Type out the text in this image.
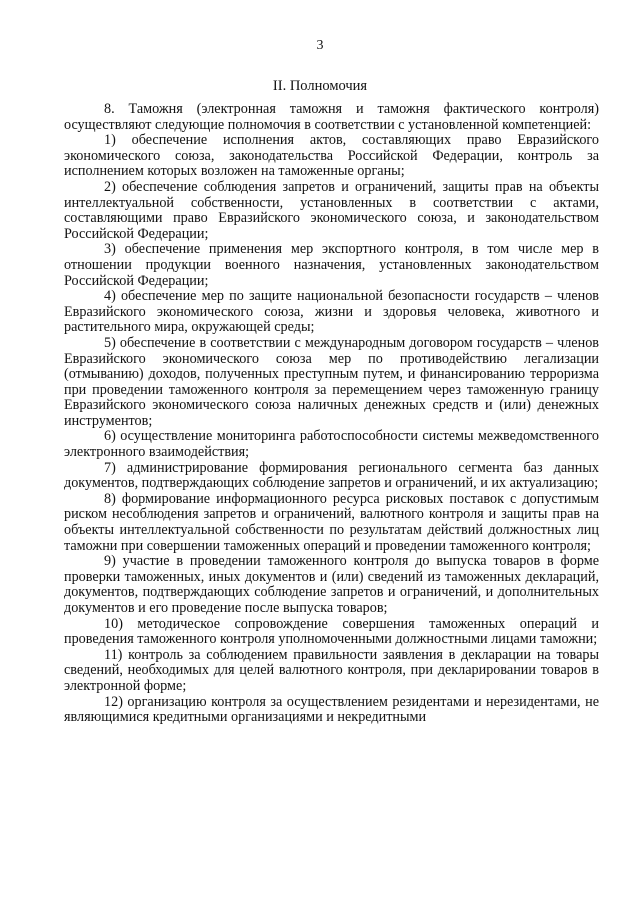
3
II. Полномочия

8. Таможня (электронная таможня и таможня фактического контроля) осуществляют следующие полномочия в соответствии с установленной компетенцией:

1) обеспечение исполнения актов, составляющих право Евразийского экономического союза, законодательства Российской Федерации, контроль за исполнением которых возложен на таможенные органы;

2) обеспечение соблюдения запретов и ограничений, защиты прав на объекты интеллектуальной собственности, установленных в соответствии с актами, составляющими право Евразийского экономического союза, и законодательством Российской Федерации;

3) обеспечение применения мер экспортного контроля, в том числе мер в отношении продукции военного назначения, установленных законодательством Российской Федерации;

4) обеспечение мер по защите национальной безопасности государств – членов Евразийского экономического союза, жизни и здоровья человека, животного и растительного мира, окружающей среды;

5) обеспечение в соответствии с международным договором государств – членов Евразийского экономического союза мер по противодействию легализации (отмыванию) доходов, полученных преступным путем, и финансированию терроризма при проведении таможенного контроля за перемещением через таможенную границу Евразийского экономического союза наличных денежных средств и (или) денежных инструментов;

6) осуществление мониторинга работоспособности системы межведомственного электронного взаимодействия;

7) администрирование формирования регионального сегмента баз данных документов, подтверждающих соблюдение запретов и ограничений, и их актуализацию;

8) формирование информационного ресурса рисковых поставок с допустимым риском несоблюдения запретов и ограничений, валютного контроля и защиты прав на объекты интеллектуальной собственности по результатам действий должностных лиц таможни при совершении таможенных операций и проведении таможенного контроля;

9) участие в проведении таможенного контроля до выпуска товаров в форме проверки таможенных, иных документов и (или) сведений из таможенных деклараций, документов, подтверждающих соблюдение запретов и ограничений, и дополнительных документов и его проведение после выпуска товаров;

10) методическое сопровождение совершения таможенных операций и проведения таможенного контроля уполномоченными должностными лицами таможни;

11) контроль за соблюдением правильности заявления в декларации на товары сведений, необходимых для целей валютного контроля, при декларировании товаров в электронной форме;

12) организацию контроля за осуществлением резидентами и нерезидентами, не являющимися кредитными организациями и некредитными
